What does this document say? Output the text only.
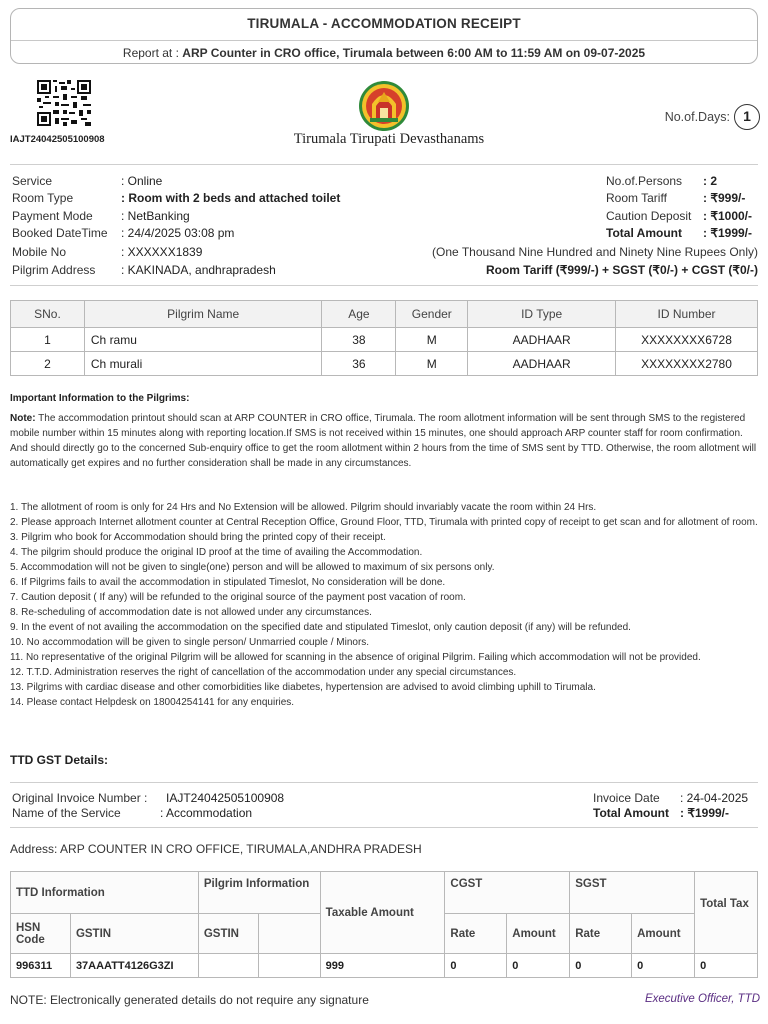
TIRUMALA - ACCOMMODATION RECEIPT
Report at : ARP Counter in CRO office, Tirumala between 6:00 AM to 11:59 AM on 09-07-2025
IAJT24042505100908	Tirumala Tirupati Devasthanams
No.of.Days: 1
Service	: Online
Room Type	: Room with 2 beds and attached toilet
Payment Mode : NetBanking
Booked DateTime : 24/4/2025 03:08 pm
Mobile No	: XXXXXX1839
Pilgrim Address : KAKINADA, andhrapradesh
No.of.Persons : 2
Room Tariff	: ₹999/-
Caution Deposit : ₹1000/-
Total Amount : ₹1999/-
(One Thousand Nine Hundred and Ninety Nine Rupees Only)
Room Tariff (₹999/-) + SGST (₹0/-) + CGST (₹0/-)
SNo.	Pilgrim Name	Age	Gender	ID Type	ID Number
1	Ch ramu	38	M	AADHAAR	XXXXXXXX6728
2	Ch murali	36	M	AADHAAR	XXXXXXXX2780
Important Information to the Pilgrims:
Note: The accommodation printout should scan at ARP COUNTER in CRO office, Tirumala. The room allotment information will be sent through SMS to the registered mobile number within 15 minutes along with reporting location.If SMS is not received within 15 minutes, one should approach ARP counter staff for room confirmation. And should directly go to the concerned Sub-enquiry office to get the room allotment within 2 hours from the time of SMS sent by TTD. Otherwise, the room allotment will automatically get expires and no further consideration shall be made in any circumstances.
1. The allotment of room is only for 24 Hrs and No Extension will be allowed. Pilgrim should invariably vacate the room within 24 Hrs.
2. Please approach Internet allotment counter at Central Reception Office, Ground Floor, TTD, Tirumala with printed copy of receipt to get scan and for allotment of room.
3. Pilgrim who book for Accommodation should bring the printed copy of their receipt.
4. The pilgrim should produce the original ID proof at the time of availing the Accommodation.
5. Accommodation will not be given to single(one) person and will be allowed to maximum of six persons only.
6. If Pilgrims fails to avail the accommodation in stipulated Timeslot, No consideration will be done.
7. Caution deposit ( If any) will be refunded to the original source of the payment post vacation of room.
8. Re-scheduling of accommodation date is not allowed under any circumstances.
9. In the event of not availing the accommodation on the specified date and stipulated Timeslot, only caution deposit (if any) will be refunded.
10. No accommodation will be given to single person/ Unmarried couple / Minors.
11. No representative of the original Pilgrim will be allowed for scanning in the absence of original Pilgrim. Failing which accommodation will not be provided.
12. T.T.D. Administration reserves the right of cancellation of the accommodation under any special circumstances.
13. Pilgrims with cardiac disease and other comorbidities like diabetes, hypertension are advised to avoid climbing uphill to Tirumala.
14. Please contact Helpdesk on 18004254141 for any enquiries.
TTD GST Details:
Original Invoice Number : IAJT24042505100908
Name of the Service	: Accommodation
Invoice Date : 24-04-2025
Total Amount : ₹1999/-
Address: ARP COUNTER IN CRO OFFICE, TIRUMALA,ANDHRA PRADESH
TTD Information		Pilgrim Information		Taxable Amount	CGST		SGST		Total Tax
HSN Code	GSTIN	GSTIN			Rate	Amount	Rate	Amount	
996311	37AAATT4126G3ZI			999	0	0	0	0	0
NOTE: Electronically generated details do not require any signature	Executive Officer, TTD
